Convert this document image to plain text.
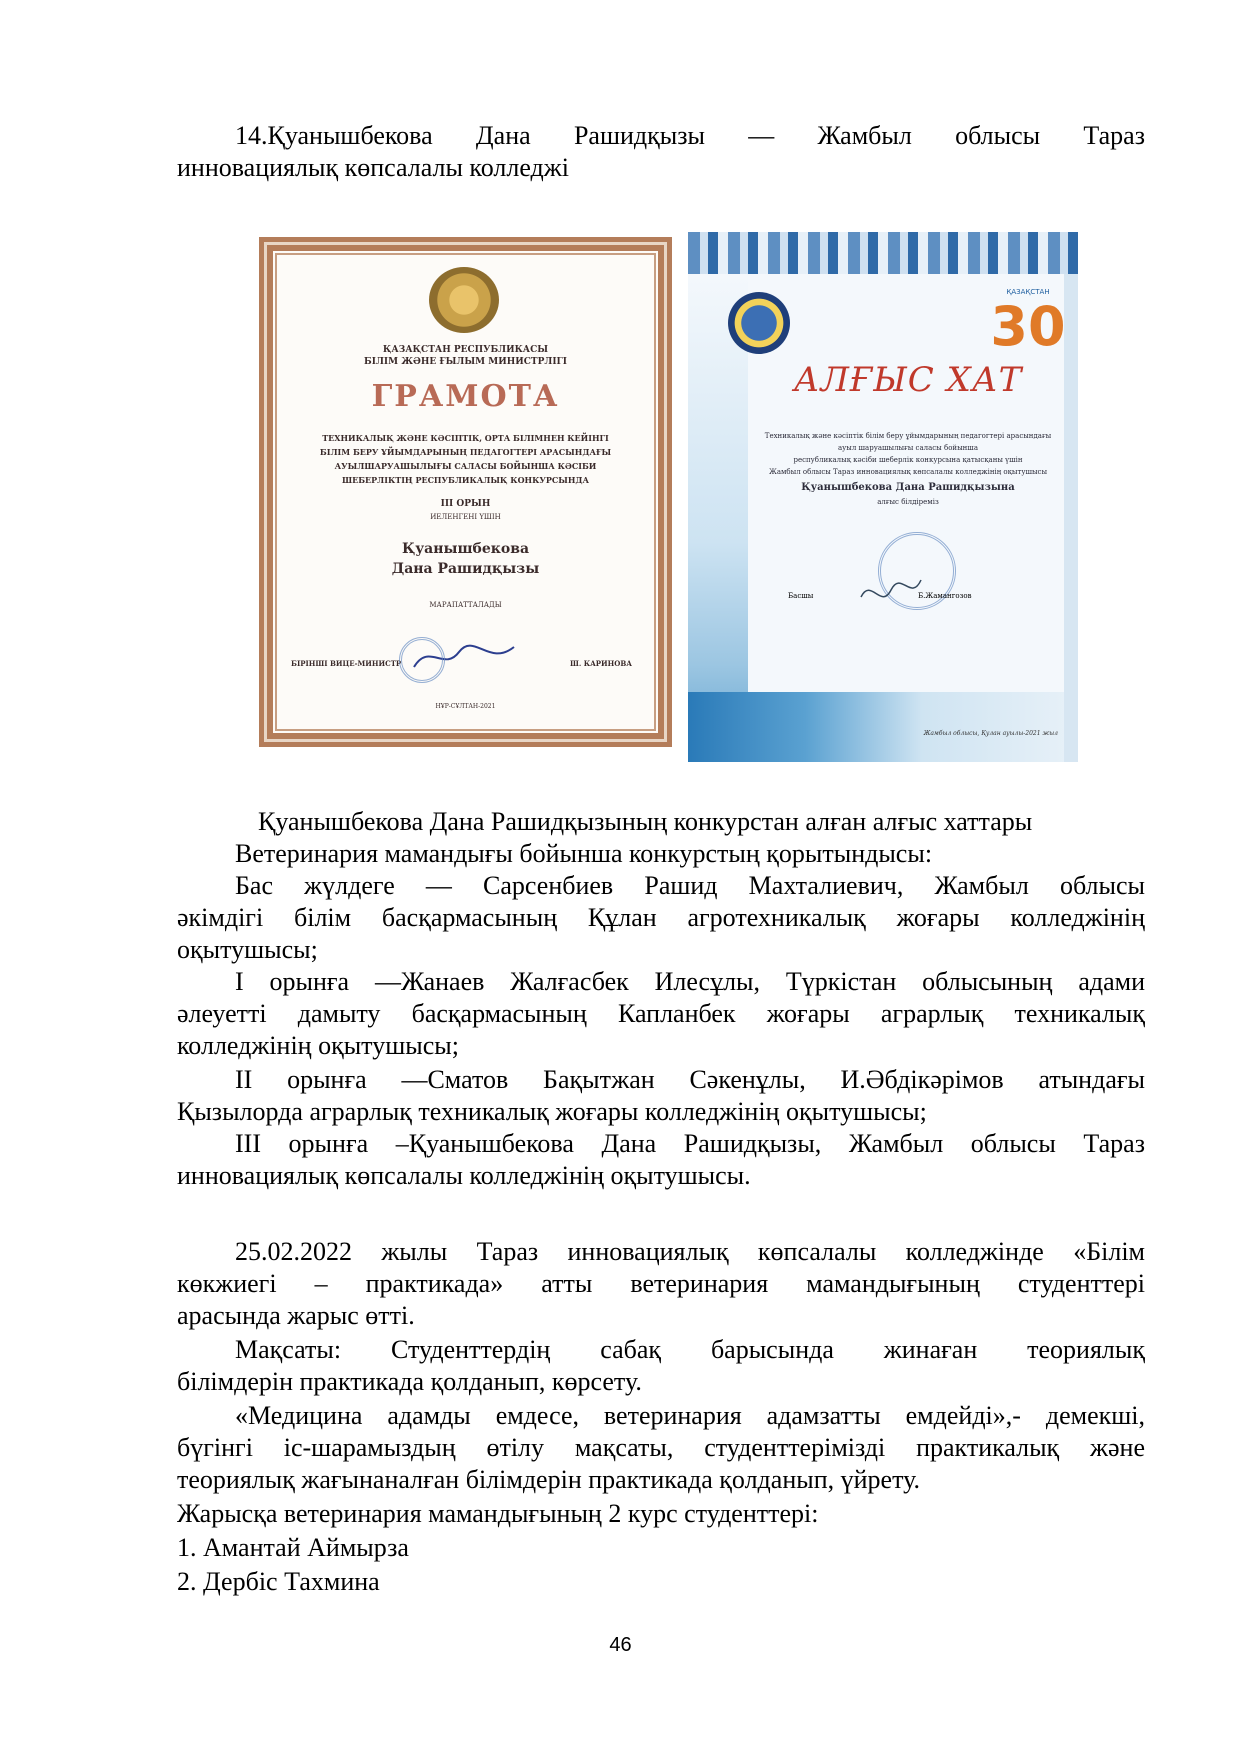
14.Қуанышбекова Дана Рашидқызы — Жамбыл облысы Тараз

инновациялық көпсалалы колледжі

ҚАЗАҚСТАН РЕСПУБЛИКАСЫ
БІЛІМ ЖӘНЕ ҒЫЛЫМ МИНИСТРЛІГІ
ГРАМОТА
ТЕХНИКАЛЫҚ ЖӘНЕ КӘСІПТІК, ОРТА БІЛІМНЕН КЕЙІНГІ
БІЛІМ БЕРУ ҰЙЫМДАРЫНЫҢ ПЕДАГОГТЕРІ АРАСЫНДАҒЫ
АУЫЛШАРУАШЫЛЫҒЫ САЛАСЫ БОЙЫНША КӘСІБИ
ШЕБЕРЛІКТІҢ РЕСПУБЛИКАЛЫҚ КОНКУРСЫНДА
ІІІ ОРЫН
ИЕЛЕНГЕНІ ҮШІН
Қуанышбекова
Дана Рашидқызы
МАРАПАТТАЛАДЫ
БІРІНШІ ВИЦЕ-МИНИСТР	Ш. КАРИНОВА
НҰР-СҰЛТАН-2021
ҚАЗАҚСТАН
30
АЛҒЫС ХАТ
Техникалық және кәсіптік білім беру ұйымдарының педагогтері арасындағы
ауыл шаруашылығы саласы бойынша
республикалық кәсіби шеберлік конкурсына қатысқаны үшін
Жамбыл облысы Тараз инновациялық көпсалалы колледжінің оқытушысы
Қуанышбекова Дана Рашидқызына
алғыс білдіреміз
Басшы	Б.Жамангозов
Жамбыл облысы, Қулан ауылы-2021 жыл
Қуанышбекова Дана Рашидқызының конкурстан алған алғыс хаттары

Ветеринария мамандығы бойынша конкурстың қорытындысы:

Бас жүлдеге — Сарсенбиев Рашид Махталиевич, Жамбыл облысы

әкімдігі білім басқармасының Құлан агротехникалық жоғары колледжінің

оқытушысы;

І орынға —Жанаев Жалғасбек Илесұлы, Түркістан облысының адами

әлеуетті дамыту басқармасының Капланбек жоғары аграрлық техникалық

колледжінің оқытушысы;

ІІ орынға —Сматов Бақытжан Сәкенұлы, И.Әбдікәрімов атындағы

Қызылорда аграрлық техникалық жоғары колледжінің оқытушысы;

ІІІ орынға –Қуанышбекова Дана Рашидқызы, Жамбыл облысы Тараз

инновациялық көпсалалы колледжінің оқытушысы.

25.02.2022 жылы Тараз инновациялық көпсалалы колледжінде «Білім

көкжиегі – практикада» атты ветеринария мамандығының студенттері

арасында жарыс өтті.

Мақсаты: Студенттердің сабақ барысында жинаған теориялық

білімдерін практикада қолданып, көрсету.

«Медицина адамды емдесе, ветеринария адамзатты емдейді»,- демекші,

бүгінгі іс-шарамыздың өтілу мақсаты, студенттерімізді практикалық және

теориялық жағынаналған білімдерін практикада қолданып, үйрету.

Жарысқа ветеринария мамандығының 2 курс студенттері:

1. Амантай Аймырза

2. Дербіс Тахмина

46
